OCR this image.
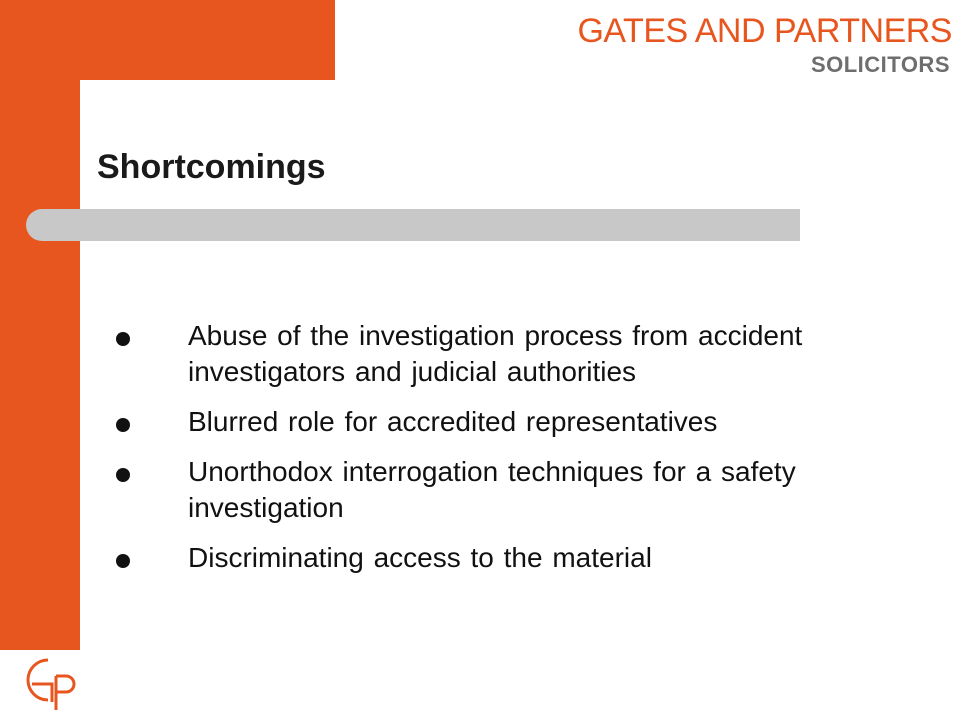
GATES AND PARTNERS
SOLICITORS
Shortcomings
Abuse of the investigation process from accident investigators and judicial authorities
Blurred role for accredited representatives
Unorthodox interrogation techniques for a safety investigation
Discriminating access to the material
